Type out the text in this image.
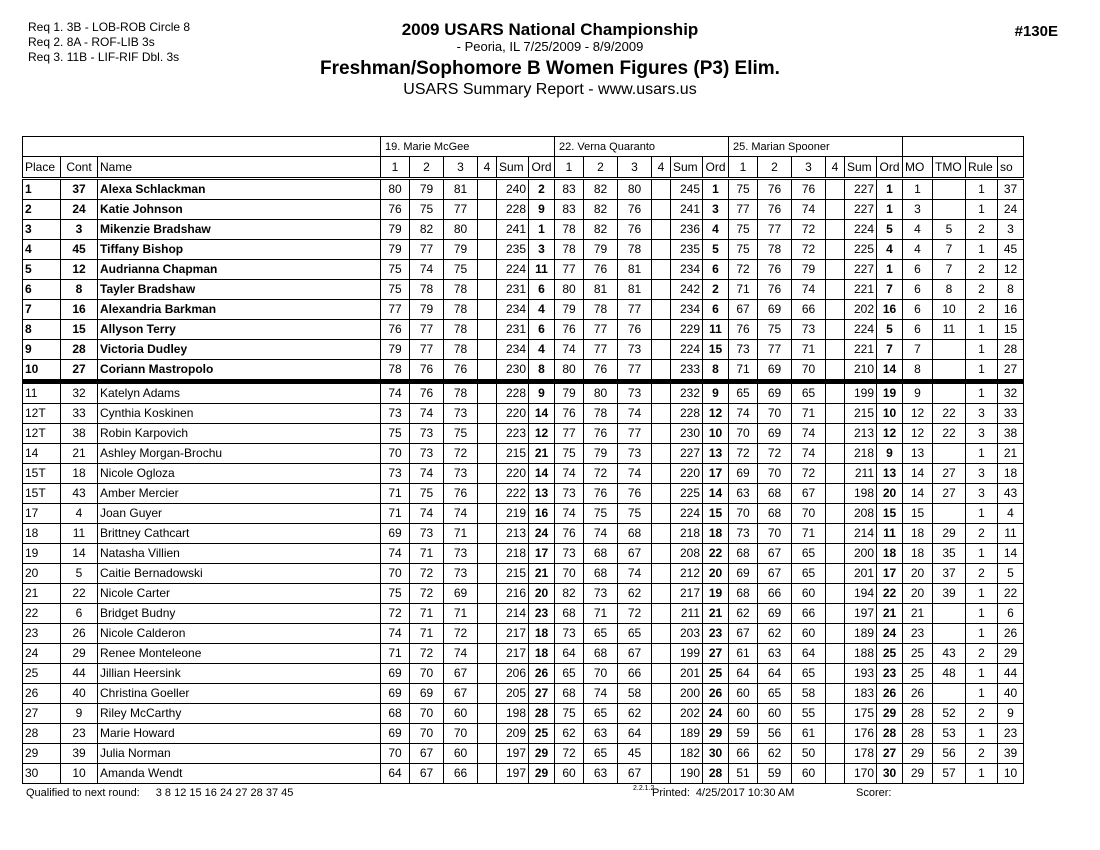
Req 1. 3B - LOB-ROB Circle 8
Req 2. 8A - ROF-LIB 3s
Req 3. 11B - LIF-RIF Dbl. 3s
2009 USARS National Championship
- Peoria, IL 7/25/2009 - 8/9/2009
Freshman/Sophomore B Women Figures (P3) Elim.
USARS Summary Report - www.usars.us
#130E
			19. Marie McGee						22. Verna Quaranto						25. Marian Spooner									
Place	Cont	Name	1	2	3	4	Sum	Ord	1	2	3	4	Sum	Ord	1	2	3	4	Sum	Ord	MO	TMO	Rule	so
1	37	Alexa Schlackman	80	79	81		240	2	83	82	80		245	1	75	76	76		227	1	1		1	37
2	24	Katie Johnson	76	75	77		228	9	83	82	76		241	3	77	76	74		227	1	3		1	24
3	3	Mikenzie Bradshaw	79	82	80		241	1	78	82	76		236	4	75	77	72		224	5	4	5	2	3
4	45	Tiffany Bishop	79	77	79		235	3	78	79	78		235	5	75	78	72		225	4	4	7	1	45
5	12	Audrianna Chapman	75	74	75		224	11	77	76	81		234	6	72	76	79		227	1	6	7	2	12
6	8	Tayler Bradshaw	75	78	78		231	6	80	81	81		242	2	71	76	74		221	7	6	8	2	8
7	16	Alexandria Barkman	77	79	78		234	4	79	78	77		234	6	67	69	66		202	16	6	10	2	16
8	15	Allyson Terry	76	77	78		231	6	76	77	76		229	11	76	75	73		224	5	6	11	1	15
9	28	Victoria Dudley	79	77	78		234	4	74	77	73		224	15	73	77	71		221	7	7		1	28
10	27	Coriann Mastropolo	78	76	76		230	8	80	76	77		233	8	71	69	70		210	14	8		1	27
11	32	Katelyn Adams	74	76	78		228	9	79	80	73		232	9	65	69	65		199	19	9		1	32
12T	33	Cynthia Koskinen	73	74	73		220	14	76	78	74		228	12	74	70	71		215	10	12	22	3	33
12T	38	Robin Karpovich	75	73	75		223	12	77	76	77		230	10	70	69	74		213	12	12	22	3	38
14	21	Ashley Morgan-Brochu	70	73	72		215	21	75	79	73		227	13	72	72	74		218	9	13		1	21
15T	18	Nicole Ogloza	73	74	73		220	14	74	72	74		220	17	69	70	72		211	13	14	27	3	18
15T	43	Amber Mercier	71	75	76		222	13	73	76	76		225	14	63	68	67		198	20	14	27	3	43
17	4	Joan Guyer	71	74	74		219	16	74	75	75		224	15	70	68	70		208	15	15		1	4
18	11	Brittney Cathcart	69	73	71		213	24	76	74	68		218	18	73	70	71		214	11	18	29	2	11
19	14	Natasha Villien	74	71	73		218	17	73	68	67		208	22	68	67	65		200	18	18	35	1	14
20	5	Caitie Bernadowski	70	72	73		215	21	70	68	74		212	20	69	67	65		201	17	20	37	2	5
21	22	Nicole Carter	75	72	69		216	20	82	73	62		217	19	68	66	60		194	22	20	39	1	22
22	6	Bridget Budny	72	71	71		214	23	68	71	72		211	21	62	69	66		197	21	21		1	6
23	26	Nicole Calderon	74	71	72		217	18	73	65	65		203	23	67	62	60		189	24	23		1	26
24	29	Renee Monteleone	71	72	74		217	18	64	68	67		199	27	61	63	64		188	25	25	43	2	29
25	44	Jillian Heersink	69	70	67		206	26	65	70	66		201	25	64	64	65		193	23	25	48	1	44
26	40	Christina Goeller	69	69	67		205	27	68	74	58		200	26	60	65	58		183	26	26		1	40
27	9	Riley McCarthy	68	70	60		198	28	75	65	62		202	24	60	60	55		175	29	28	52	2	9
28	23	Marie Howard	69	70	70		209	25	62	63	64		189	29	59	56	61		176	28	28	53	1	23
29	39	Julia Norman	70	67	60		197	29	72	65	45		182	30	66	62	50		178	27	29	56	2	39
30	10	Amanda Wendt	64	67	66		197	29	60	63	67		190	28	51	59	60		170	30	29	57	1	10
Qualified to next round: 3 8 12 15 16 24 27 28 37 45	2.2.1.2
Printed: 4/25/2017 10:30 AM	Scorer:
